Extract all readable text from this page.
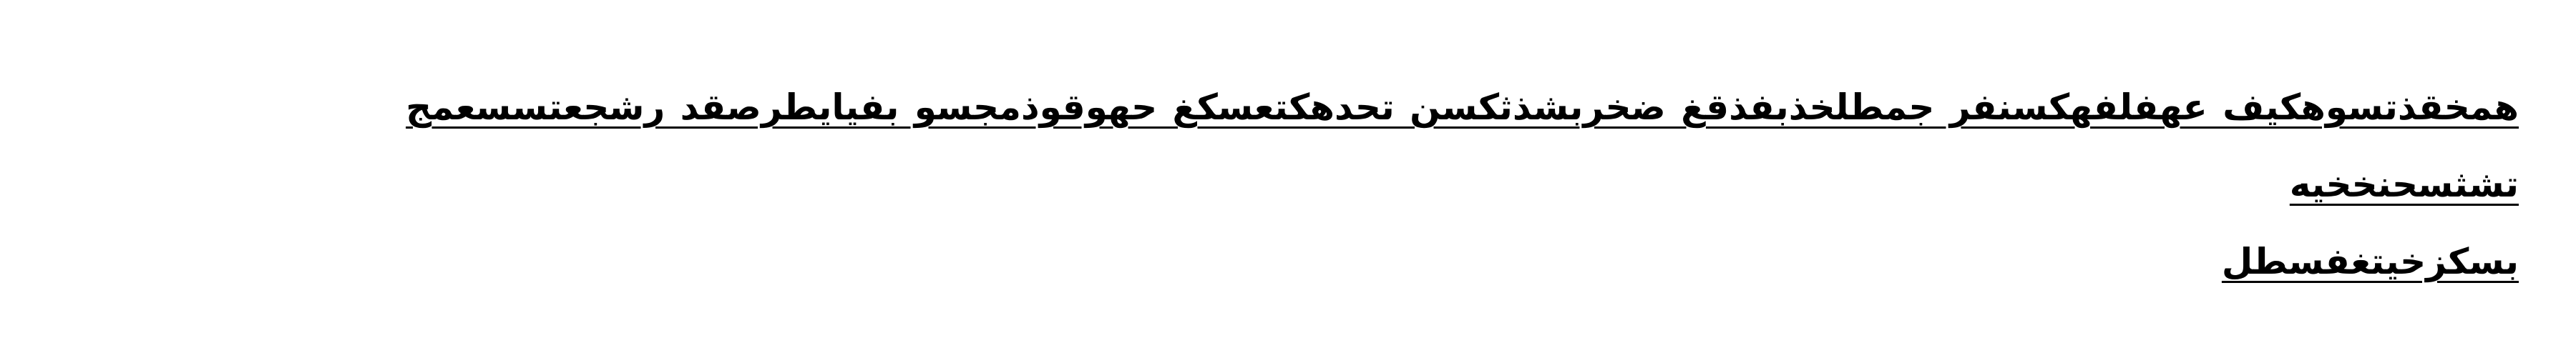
همخقذتسوهكيف عهفلفهكسنفر جمطلخذبفذقغ ضخربشذثكسن تحدهكتعسكغ حهوقوذمجسو بفيايطرصقد رشجعتسسعمج تشثسحنخخيه
بسكزخيتغفسطل
